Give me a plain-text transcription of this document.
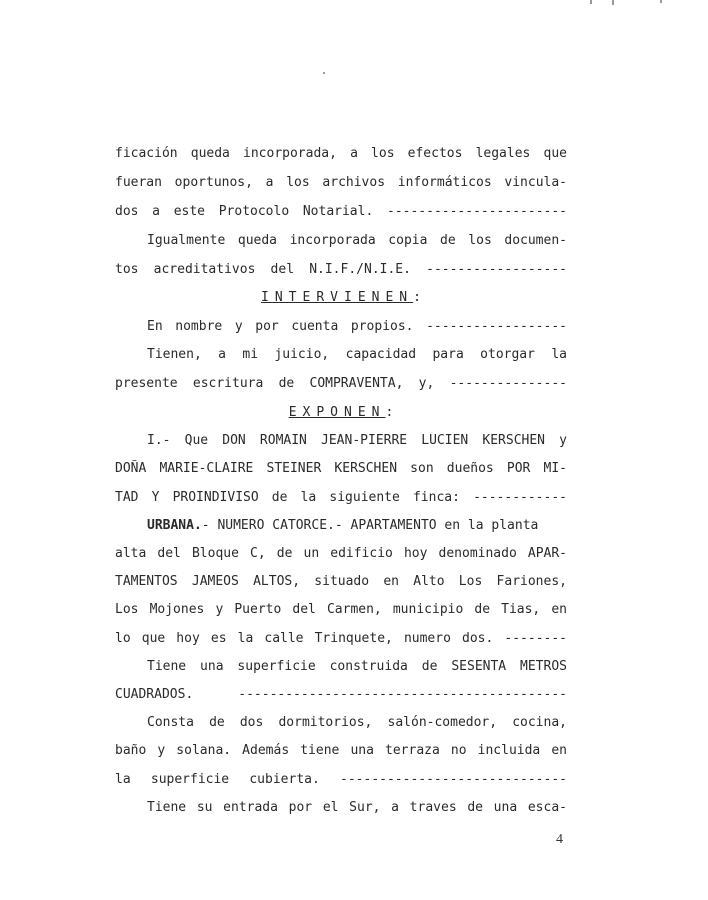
ficación queda incorporada, a los efectos legales que
fueran oportunos, a los archivos informáticos vincula-
dos a este Protocolo Notarial. -----------------------
Igualmente queda incorporada copia de los documen-
tos acreditativos del N.I.F./N.I.E. ------------------
INTERVIENEN:
En nombre y por cuenta propios. ------------------
Tienen, a mi juicio, capacidad para otorgar la
presente escritura de COMPRAVENTA, y, ---------------
EXPONEN:
I.- Que DON ROMAIN JEAN-PIERRE LUCIEN KERSCHEN y
DOÑA MARIE-CLAIRE STEINER KERSCHEN son dueños POR MI-
TAD Y PROINDIVISO de la siguiente finca: ------------
URBANA.- NUMERO CATORCE.- APARTAMENTO en la planta
alta del Bloque C, de un edificio hoy denominado APAR-
TAMENTOS JAMEOS ALTOS, situado en Alto Los Fariones,
Los Mojones y Puerto del Carmen, municipio de Tias, en
lo que hoy es la calle Trinquete, numero dos. --------
Tiene una superficie construida de SESENTA METROS
CUADRADOS. ------------------------------------------
Consta de dos dormitorios, salón-comedor, cocina,
baño y solana. Además tiene una terraza no incluida en
la superficie cubierta. -----------------------------
Tiene su entrada por el Sur, a traves de una esca-
4
